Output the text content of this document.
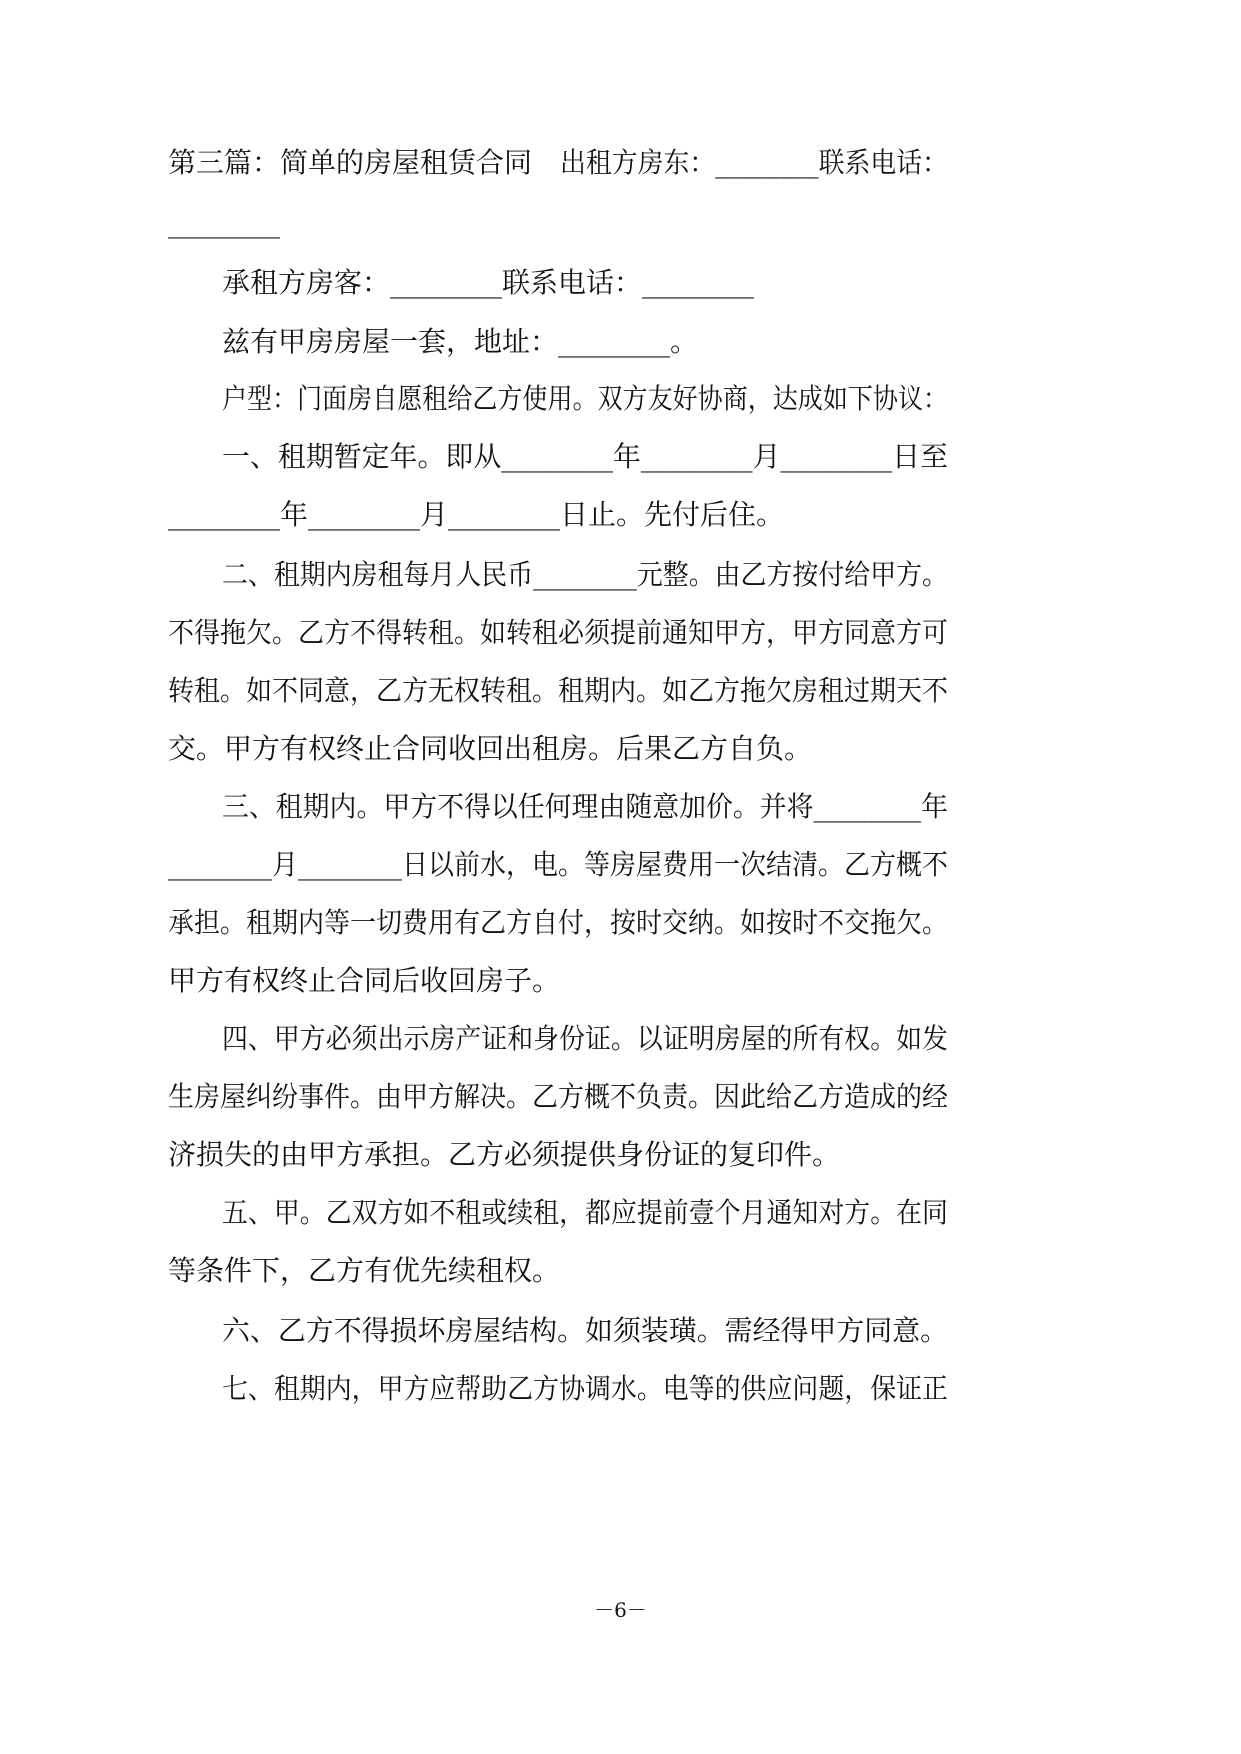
第三篇：简单的房屋租赁合同 出租方房东：________联系电话：
________
承租方房客：________联系电话：________
兹有甲房房屋一套，地址：________。
户型：门面房自愿租给乙方使用。双方友好协商，达成如下协议：
一、租期暂定年。即从________年________月________日至
________年________月________日止。先付后住。
二、租期内房租每月人民币________元整。由乙方按付给甲方。
不得拖欠。乙方不得转租。如转租必须提前通知甲方，甲方同意方可
转租。如不同意，乙方无权转租。租期内。如乙方拖欠房租过期天不
交。甲方有权终止合同收回出租房。后果乙方自负。
三、租期内。甲方不得以任何理由随意加价。并将________年
________月________日以前水，电。等房屋费用一次结清。乙方概不
承担。租期内等一切费用有乙方自付，按时交纳。如按时不交拖欠。
甲方有权终止合同后收回房子。
四、甲方必须出示房产证和身份证。以证明房屋的所有权。如发
生房屋纠纷事件。由甲方解决。乙方概不负责。因此给乙方造成的经
济损失的由甲方承担。乙方必须提供身份证的复印件。
五、甲。乙双方如不租或续租，都应提前壹个月通知对方。在同
等条件下，乙方有优先续租权。
六、乙方不得损坏房屋结构。如须装璜。需经得甲方同意。
七、租期内，甲方应帮助乙方协调水。电等的供应问题，保证正
－6－
